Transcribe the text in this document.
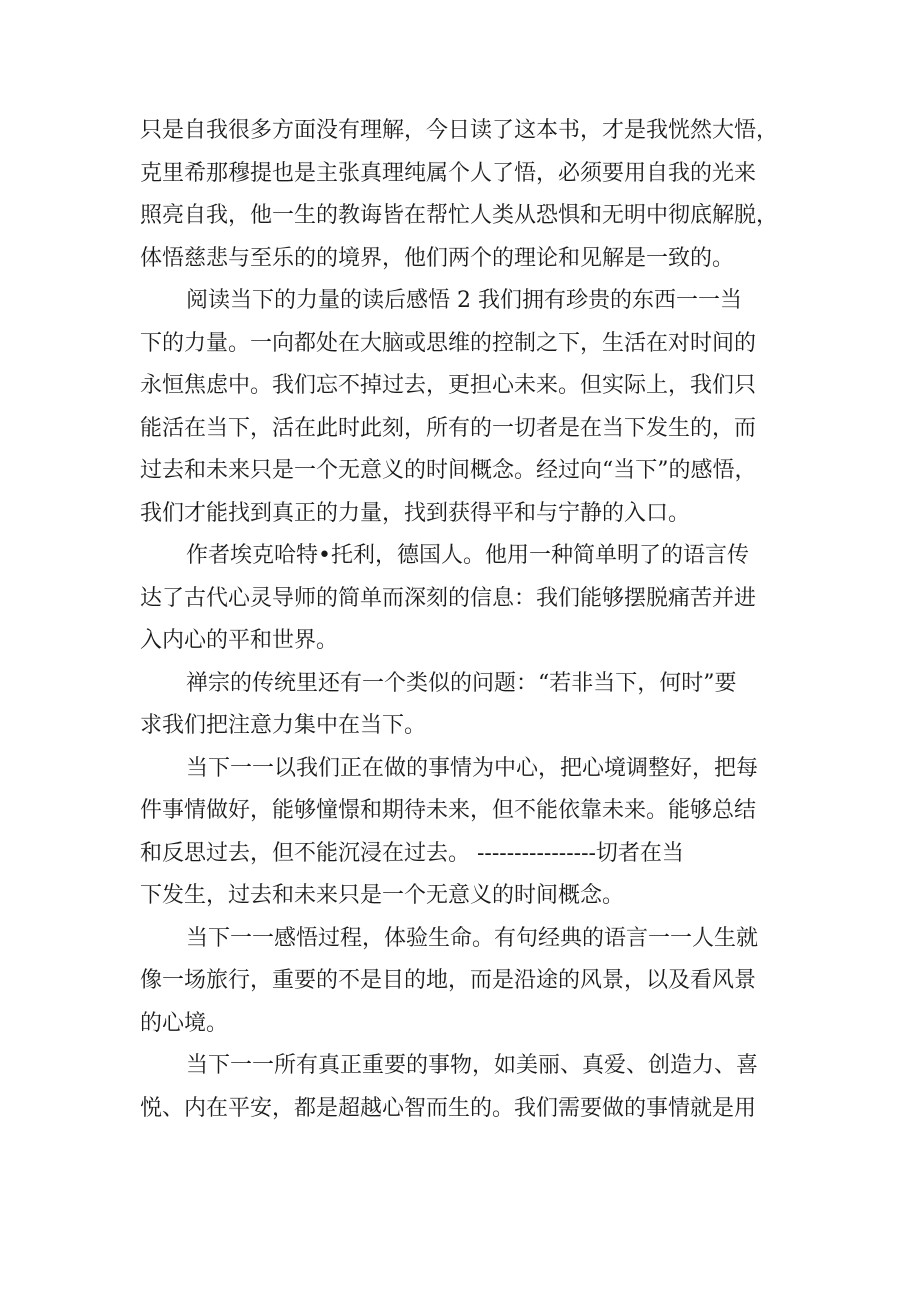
只是自我很多方面没有理解，今日读了这本书，才是我恍然大悟，
克里希那穆提也是主张真理纯属个人了悟，必须要用自我的光来
照亮自我，他一生的教诲皆在帮忙人类从恐惧和无明中彻底解脱，
体悟慈悲与至乐的的境界，他们两个的理论和见解是一致的。
阅读当下的力量的读后感悟 2 我们拥有珍贵的东西一一当
下的力量。一向都处在大脑或思维的控制之下，生活在对时间的
永恒焦虑中。我们忘不掉过去，更担心未来。但实际上，我们只
能活在当下，活在此时此刻，所有的一切者是在当下发生的，而
过去和未来只是一个无意义的时间概念。经过向“当下”的感悟，
我们才能找到真正的力量，找到获得平和与宁静的入口。
作者埃克哈特•托利，德国人。他用一种简单明了的语言传
达了古代心灵导师的简单而深刻的信息：我们能够摆脱痛苦并进
入内心的平和世界。
禅宗的传统里还有一个类似的问题：“若非当下，何时”要
求我们把注意力集中在当下。
当下一一以我们正在做的事情为中心，把心境调整好，把每
件事情做好，能够憧憬和期待未来，但不能依靠未来。能够总结
和反思过去，但不能沉浸在过去。 ----------------切者在当
下发生，过去和未来只是一个无意义的时间概念。
当下一一感悟过程，体验生命。有句经典的语言一一人生就
像一场旅行，重要的不是目的地，而是沿途的风景，以及看风景
的心境。
当下一一所有真正重要的事物，如美丽、真爱、创造力、喜
悦、内在平安，都是超越心智而生的。我们需要做的事情就是用
